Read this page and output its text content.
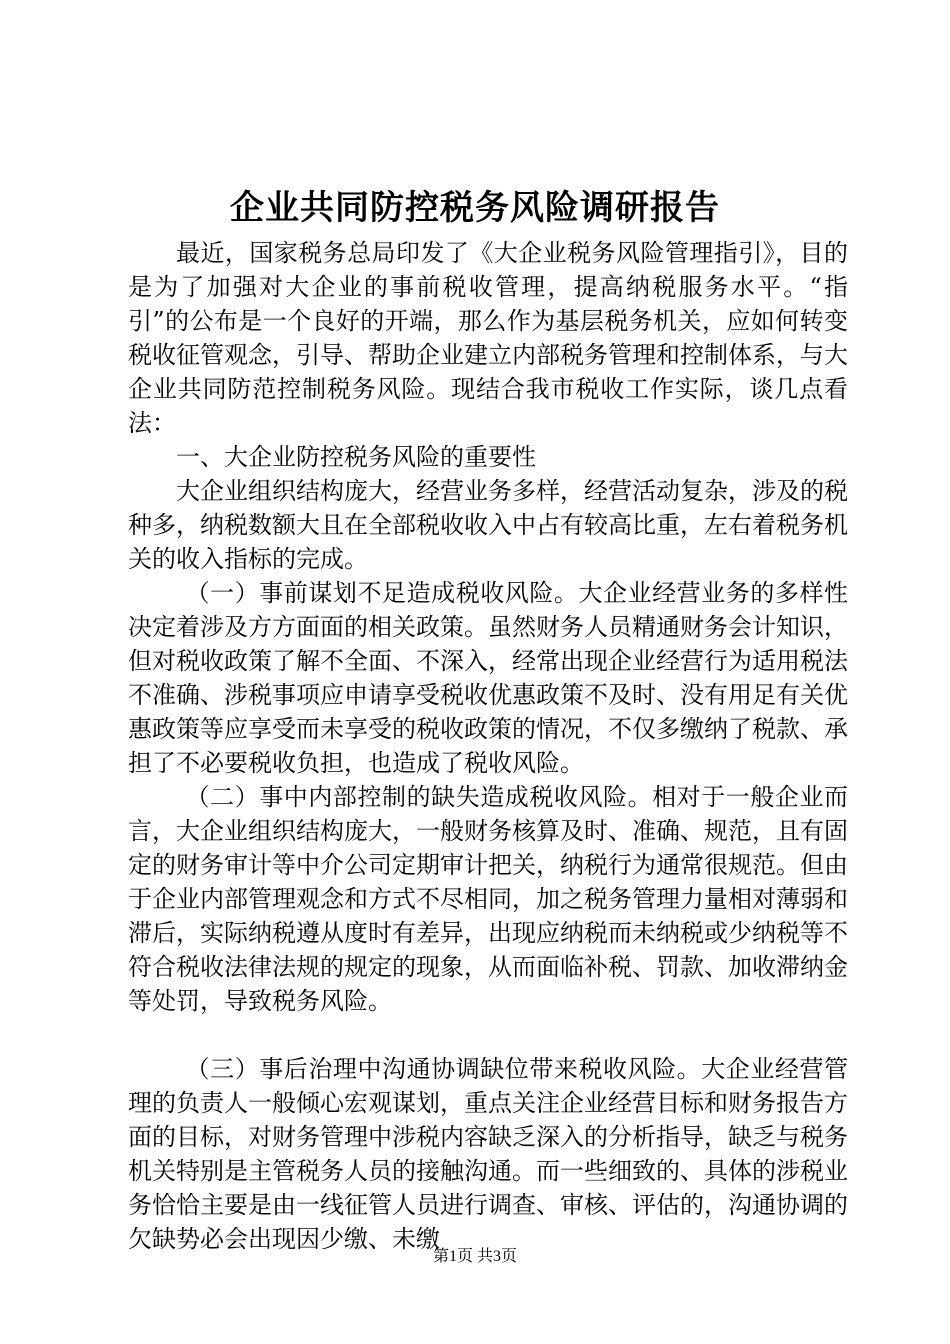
企业共同防控税务风险调研报告

最近，国家税务总局印发了《大企业税务风险管理指引》，目的是为了加强对大企业的事前税收管理，提高纳税服务水平。“指引”的公布是一个良好的开端，那么作为基层税务机关，应如何转变税收征管观念，引导、帮助企业建立内部税务管理和控制体系，与大企业共同防范控制税务风险。现结合我市税收工作实际，谈几点看法：

一、大企业防控税务风险的重要性

大企业组织结构庞大，经营业务多样，经营活动复杂，涉及的税种多，纳税数额大且在全部税收收入中占有较高比重，左右着税务机关的收入指标的完成。

（一）事前谋划不足造成税收风险。大企业经营业务的多样性决定着涉及方方面面的相关政策。虽然财务人员精通财务会计知识，但对税收政策了解不全面、不深入，经常出现企业经营行为适用税法不准确、涉税事项应申请享受税收优惠政策不及时、没有用足有关优惠政策等应享受而未享受的税收政策的情况，不仅多缴纳了税款、承担了不必要税收负担，也造成了税收风险。

（二）事中内部控制的缺失造成税收风险。相对于一般企业而言，大企业组织结构庞大，一般财务核算及时、准确、规范，且有固定的财务审计等中介公司定期审计把关，纳税行为通常很规范。但由于企业内部管理观念和方式不尽相同，加之税务管理力量相对薄弱和滞后，实际纳税遵从度时有差异，出现应纳税而未纳税或少纳税等不符合税收法律法规的规定的现象，从而面临补税、罚款、加收滞纳金等处罚，导致税务风险。

（三）事后治理中沟通协调缺位带来税收风险。大企业经营管理的负责人一般倾心宏观谋划，重点关注企业经营目标和财务报告方面的目标，对财务管理中涉税内容缺乏深入的分析指导，缺乏与税务机关特别是主管税务人员的接触沟通。而一些细致的、具体的涉税业务恰恰主要是由一线征管人员进行调查、审核、评估的，沟通协调的欠缺势必会出现因少缴、未缴

第1页 共3页
